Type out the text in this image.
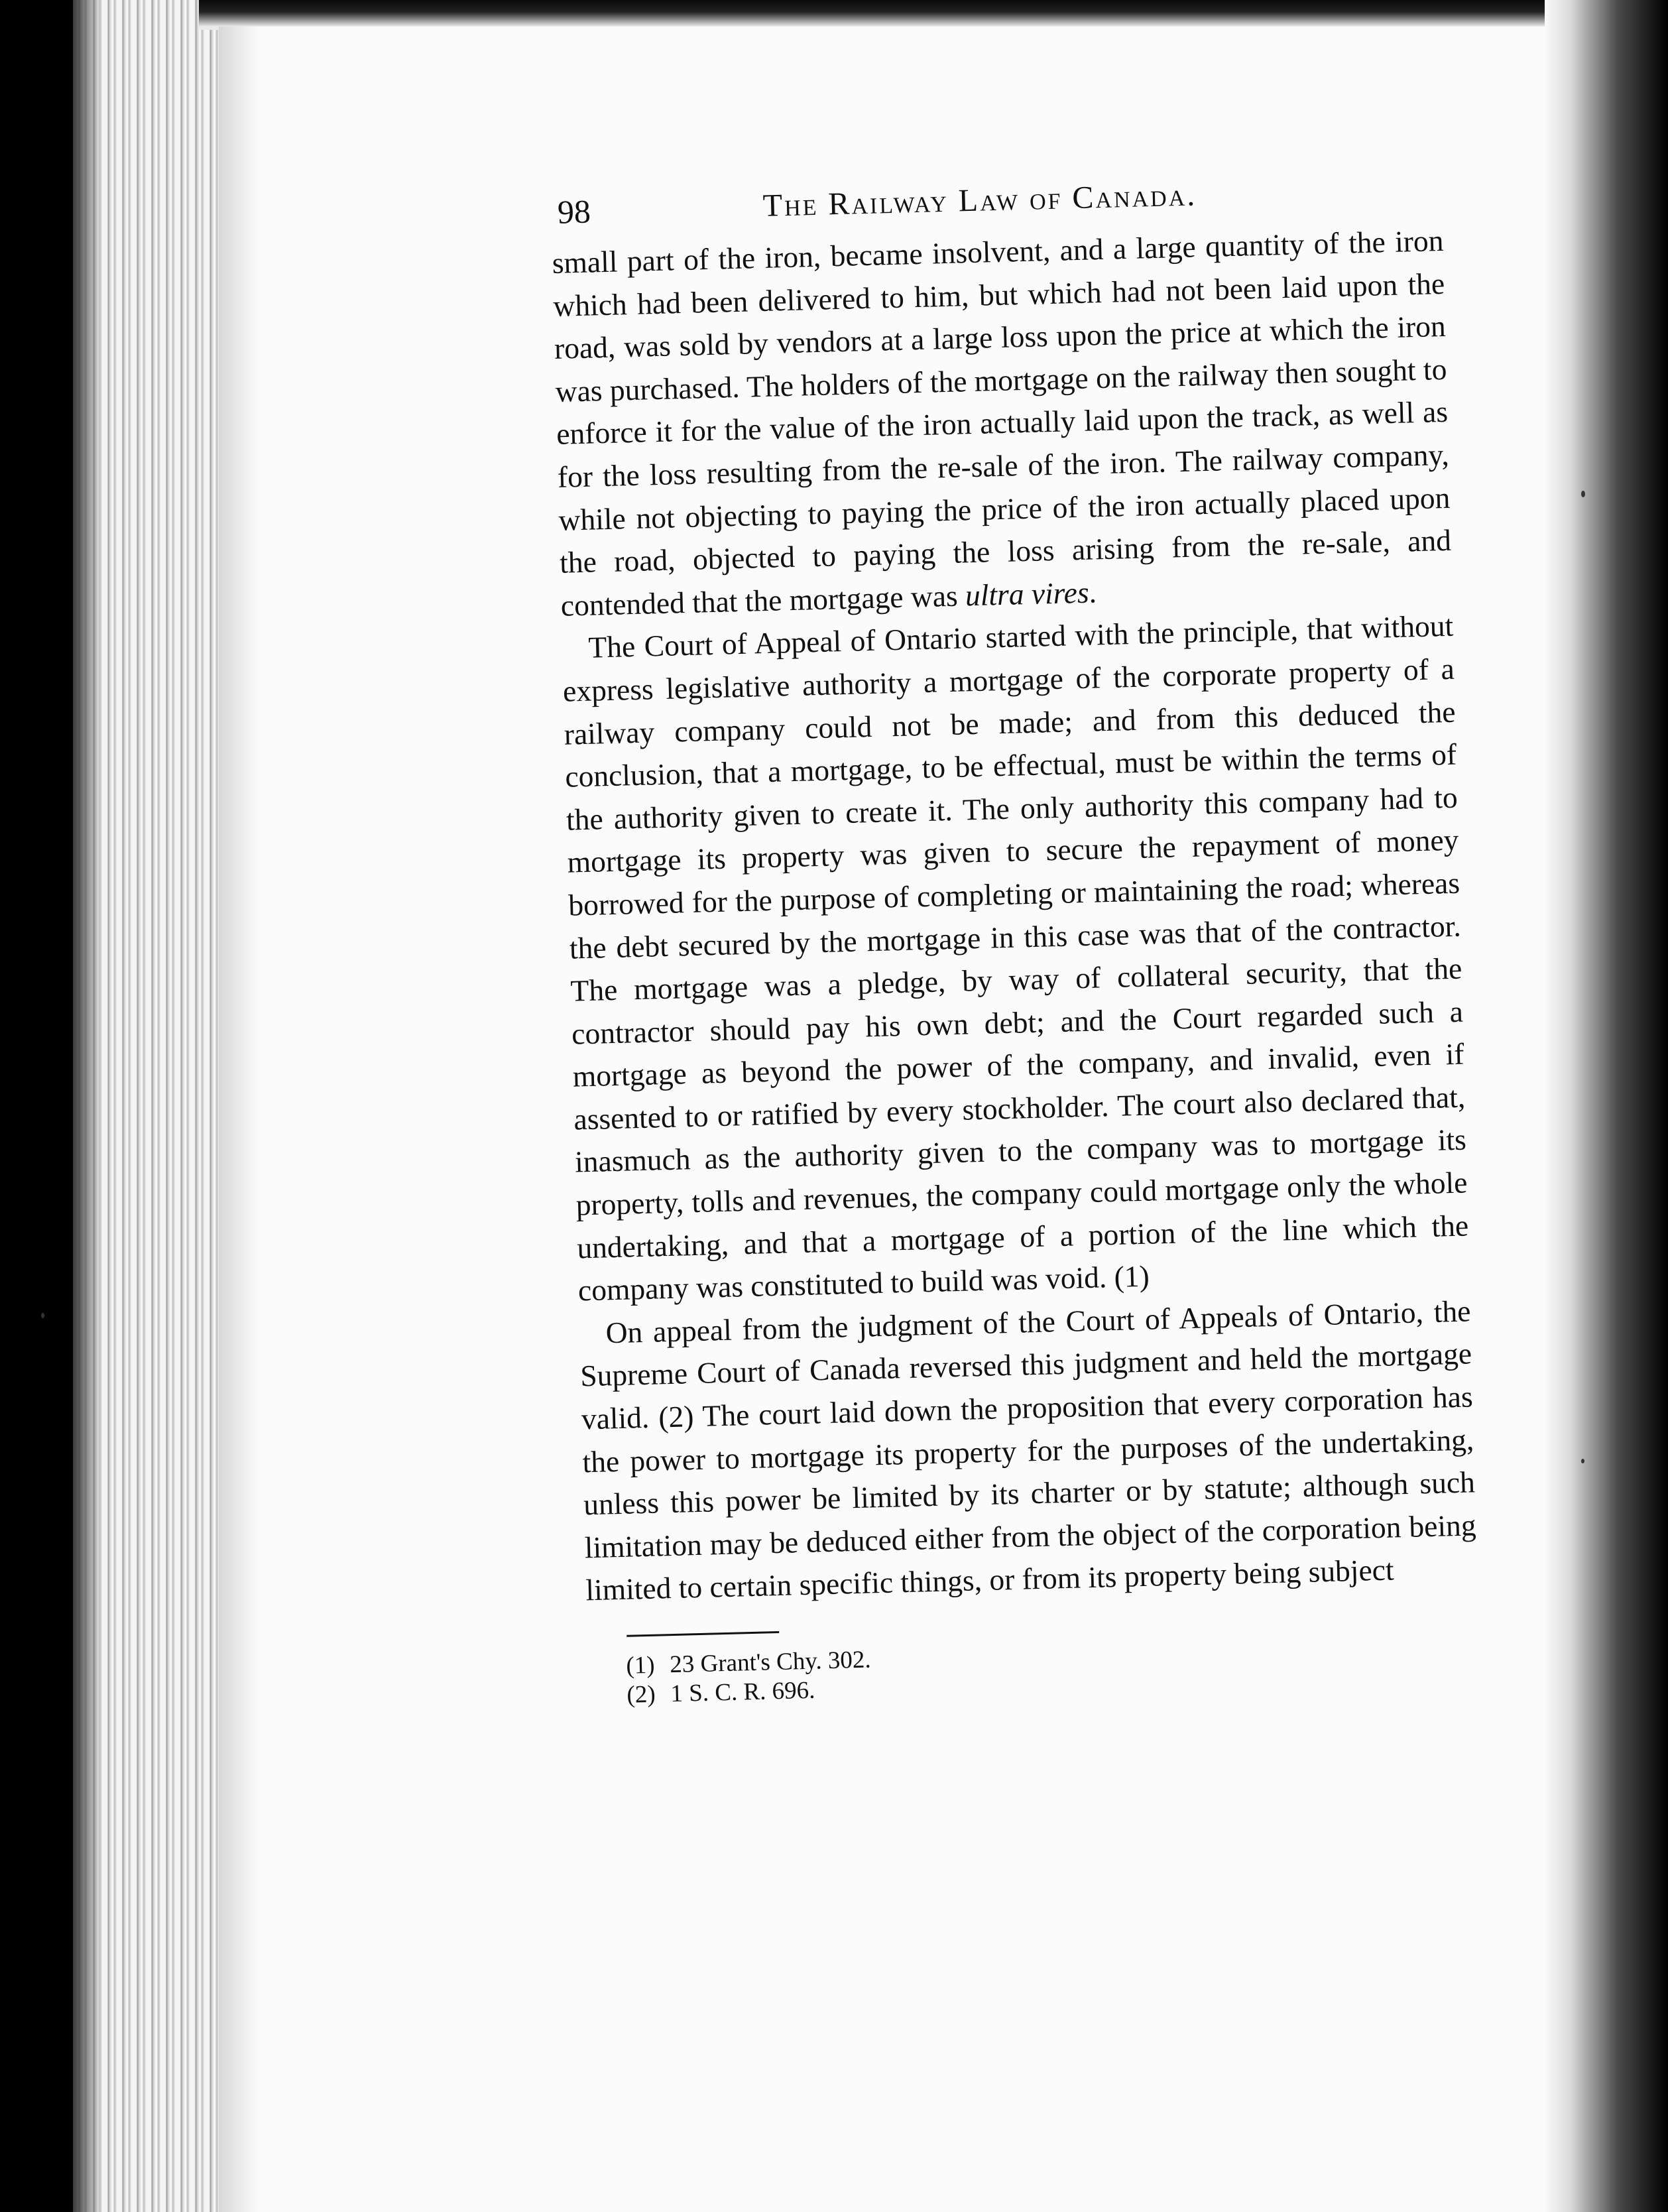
98	The Railway Law of Canada.

small part of the iron, became insolvent, and a large quantity of the iron which had been delivered to him, but which had not been laid upon the road, was sold by vendors at a large loss upon the price at which the iron was purchased. The holders of the mortgage on the railway then sought to enforce it for the value of the iron actually laid upon the track, as well as for the loss resulting from the re-sale of the iron. The railway company, while not objecting to paying the price of the iron actually placed upon the road, objected to paying the loss arising from the re-sale, and contended that the mortgage was ultra vires.

The Court of Appeal of Ontario started with the principle, that without express legislative authority a mortgage of the corporate property of a railway company could not be made; and from this deduced the conclusion, that a mortgage, to be effectual, must be within the terms of the authority given to create it. The only authority this company had to mortgage its property was given to secure the repayment of money borrowed for the purpose of completing or maintaining the road; whereas the debt secured by the mortgage in this case was that of the contractor. The mortgage was a pledge, by way of collateral security, that the contractor should pay his own debt; and the Court regarded such a mortgage as beyond the power of the company, and invalid, even if assented to or ratified by every stockholder. The court also declared that, inasmuch as the authority given to the company was to mortgage its property, tolls and revenues, the company could mortgage only the whole undertaking, and that a mortgage of a portion of the line which the company was constituted to build was void. (1)

On appeal from the judgment of the Court of Appeals of Ontario, the Supreme Court of Canada reversed this judgment and held the mortgage valid. (2) The court laid down the proposition that every corporation has the power to mortgage its property for the purposes of the undertaking, unless this power be limited by its charter or by statute; although such limitation may be deduced either from the object of the corporation being limited to certain specific things, or from its property being subject

(1) 23 Grant's Chy. 302.
(2) 1 S. C. R. 696.
